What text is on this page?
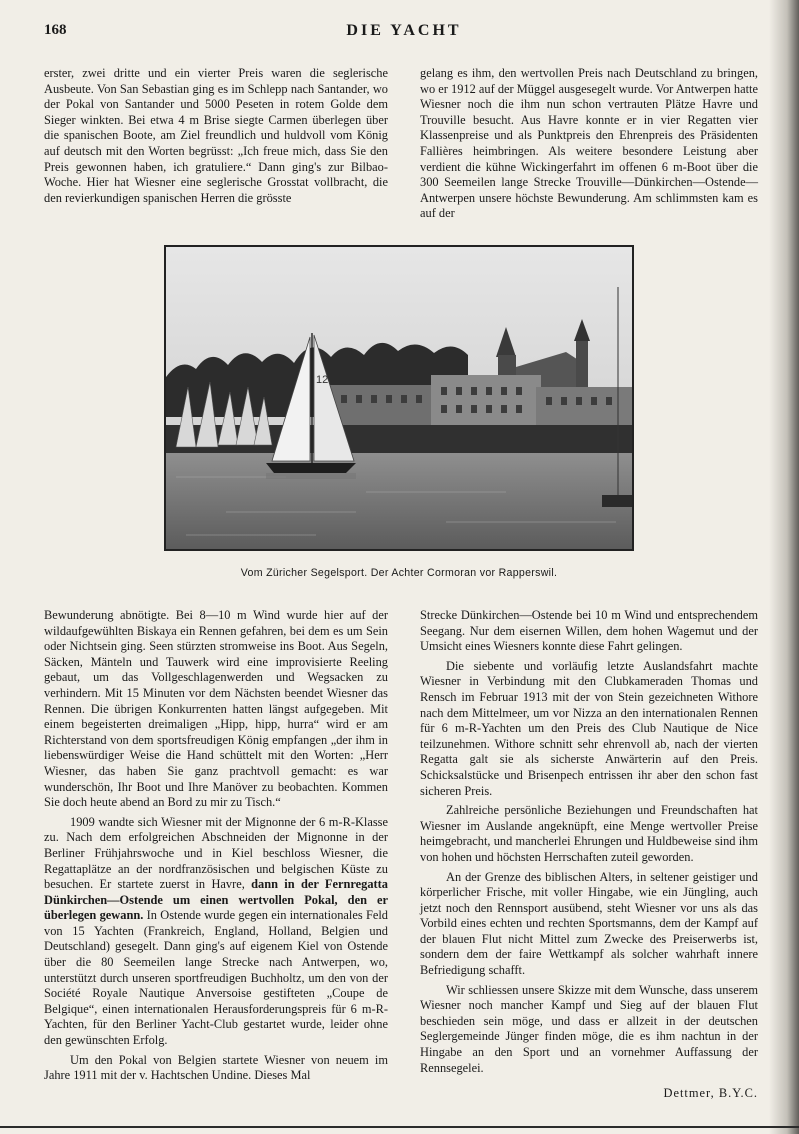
168	DIE YACHT

erster, zwei dritte und ein vierter Preis waren die seglerische Ausbeute. Von San Sebastian ging es im Schlepp nach Santander, wo der Pokal von Santander und 5000 Peseten in rotem Golde dem Sieger winkten. Bei etwa 4 m Brise siegte Carmen überlegen über die spanischen Boote, am Ziel freundlich und huldvoll vom König auf deutsch mit den Worten begrüsst: „Ich freue mich, dass Sie den Preis gewonnen haben, ich gratuliere.“ Dann ging's zur Bilbao-Woche. Hier hat Wiesner eine seglerische Grosstat vollbracht, die den revierkundigen spanischen Herren die grösste

gelang es ihm, den wertvollen Preis nach Deutschland zu bringen, wo er 1912 auf der Müggel ausgesegelt wurde. Vor Antwerpen hatte Wiesner noch die ihm nun schon vertrauten Plätze Havre und Trouville besucht. Aus Havre konnte er in vier Regatten vier Klassenpreise und als Punktpreis den Ehrenpreis des Präsidenten Fallières heimbringen. Als weitere besondere Leistung aber verdient die kühne Wickingerfahrt im offenen 6 m-Boot über die 300 Seemeilen lange Strecke Trouville—Dünkirchen—Ostende—Antwerpen unsere höchste Bewunderung. Am schlimmsten kam es auf der

12
Vom Züricher Segelsport. Der Achter Cormoran vor Rapperswil.

Bewunderung abnötigte. Bei 8—10 m Wind wurde hier auf der wildaufgewühlten Biskaya ein Rennen gefahren, bei dem es um Sein oder Nichtsein ging. Seen stürzten stromweise ins Boot. Aus Segeln, Säcken, Mänteln und Tauwerk wird eine improvisierte Reeling gebaut, um das Vollgeschlagenwerden und Wegsacken zu verhindern. Mit 15 Minuten vor dem Nächsten beendet Wiesner das Rennen. Die übrigen Konkurrenten hatten längst aufgegeben. Mit einem begeisterten dreimaligen „Hipp, hipp, hurra“ wird er am Richterstand von dem sportsfreudigen König empfangen „der ihm in liebenswürdiger Weise die Hand schüttelt mit den Worten: „Herr Wiesner, das haben Sie ganz prachtvoll gemacht: es war wunderschön, Ihr Boot und Ihre Manöver zu beobachten. Kommen Sie doch heute abend an Bord zu mir zu Tisch.“

1909 wandte sich Wiesner mit der Mignonne der 6 m-R-Klasse zu. Nach dem erfolgreichen Abschneiden der Mignonne in der Berliner Frühjahrswoche und in Kiel beschloss Wiesner, die Regattaplätze an der nordfranzösischen und belgischen Küste zu besuchen. Er startete zuerst in Havre, dann in der Fernregatta Dünkirchen—Ostende um einen wertvollen Pokal, den er überlegen gewann. In Ostende wurde gegen ein internationales Feld von 15 Yachten (Frankreich, England, Holland, Belgien und Deutschland) gesegelt. Dann ging's auf eigenem Kiel von Ostende über die 80 Seemeilen lange Strecke nach Antwerpen, wo, unterstützt durch unseren sportfreudigen Buchholtz, um den von der Société Royale Nautique Anversoise gestifteten „Coupe de Belgique“, einen internationalen Herausforderungspreis für 6 m-R-Yachten, für den Berliner Yacht-Club gestartet wurde, leider ohne den gewünschten Erfolg.

Um den Pokal von Belgien startete Wiesner von neuem im Jahre 1911 mit der v. Hachtschen Undine. Dieses Mal

Strecke Dünkirchen—Ostende bei 10 m Wind und entsprechendem Seegang. Nur dem eisernen Willen, dem hohen Wagemut und der Umsicht eines Wiesners konnte diese Fahrt gelingen.

Die siebente und vorläufig letzte Auslandsfahrt machte Wiesner in Verbindung mit den Clubkameraden Thomas und Rensch im Februar 1913 mit der von Stein gezeichneten Withore nach dem Mittelmeer, um vor Nizza an den internationalen Rennen für 6 m-R-Yachten um den Preis des Club Nautique de Nice teilzunehmen. Withore schnitt sehr ehrenvoll ab, nach der vierten Regatta galt sie als sicherste Anwärterin auf den Preis. Schicksalstücke und Brisenpech entrissen ihr aber den schon fast sicheren Preis.

Zahlreiche persönliche Beziehungen und Freundschaften hat Wiesner im Auslande angeknüpft, eine Menge wertvoller Preise heimgebracht, und mancherlei Ehrungen und Huldbeweise sind ihm von hohen und höchsten Herrschaften zuteil geworden.

An der Grenze des biblischen Alters, in seltener geistiger und körperlicher Frische, mit voller Hingabe, wie ein Jüngling, auch jetzt noch den Rennsport ausübend, steht Wiesner vor uns als das Vorbild eines echten und rechten Sportsmanns, dem der Kampf auf der blauen Flut nicht Mittel zum Zwecke des Preiserwerbs ist, sondern dem der faire Wettkampf als solcher wahrhaft innere Befriedigung schafft.

Wir schliessen unsere Skizze mit dem Wunsche, dass unserem Wiesner noch mancher Kampf und Sieg auf der blauen Flut beschieden sein möge, und dass er allzeit in der deutschen Seglergemeinde Jünger finden möge, die es ihm nachtun in der Hingabe an den Sport und an vornehmer Auffassung der Rennsegelei.

Dettmer, B.Y.C.
